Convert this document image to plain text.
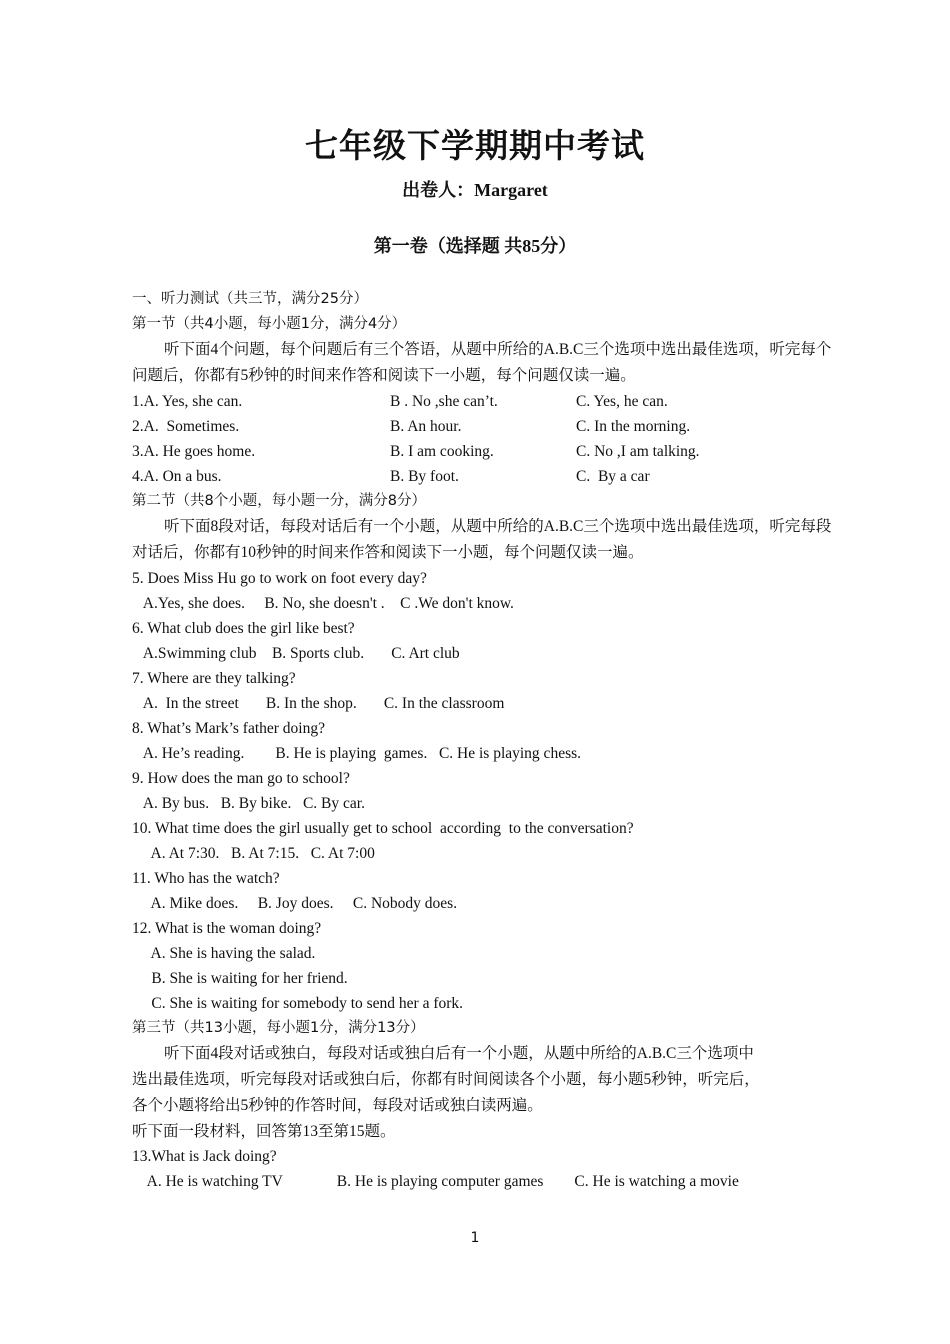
七年级下学期期中考试
出卷人：Margaret
第一卷（选择题 共85分）
一、听力测试（共三节，满分25分）
第一节（共4小题，每小题1分，满分4分）
听下面4个问题，每个问题后有三个答语，从题中所给的A.B.C三个选项中选出最佳选项，听完每个问题后，你都有5秒钟的时间来作答和阅读下一小题，每个问题仅读一遍。
1.A. Yes, she can.	B . No ,she can’t.	C. Yes, he can.
2.A.  Sometimes.	B. An hour.	C. In the morning.
3.A. He goes home.	B. I am cooking.	C. No ,I am talking.
4.A. On a bus.	B. By foot.	C.  By a car
第二节（共8个小题，每小题一分，满分8分）
听下面8段对话，每段对话后有一个小题，从题中所给的A.B.C三个选项中选出最佳选项，听完每段对话后，你都有10秒钟的时间来作答和阅读下一小题，每个问题仅读一遍。
5. Does Miss Hu go to work on foot every day?
A.Yes, she does.     B. No, she doesn't .    C .We don't know.
6. What club does the girl like best?
A.Swimming club    B. Sports club.       C. Art club
7. Where are they talking?
A.  In the street       B. In the shop.       C. In the classroom
8. What’s Mark’s father doing?
A. He’s reading.        B. He is playing  games.   C. He is playing chess.
9. How does the man go to school?
A. By bus.   B. By bike.   C. By car.
10. What time does the girl usually get to school  according  to the conversation?
A. At 7:30.   B. At 7:15.   C. At 7:00
11. Who has the watch?
A. Mike does.     B. Joy does.     C. Nobody does.
12. What is the woman doing?
A. She is having the salad.
B. She is waiting for her friend.
C. She is waiting for somebody to send her a fork.
第三节（共13小题，每小题1分，满分13分）
听下面4段对话或独白，每段对话或独白后有一个小题，从题中所给的A.B.C三个选项中
选出最佳选项，听完每段对话或独白后，你都有时间阅读各个小题，每小题5秒钟，听完后，
各个小题将给出5秒钟的作答时间，每段对话或独白读两遍。
听下面一段材料，回答第13至第15题。
13.What is Jack doing?
A. He is watching TV              B. He is playing computer games        C. He is watching a movie
1
